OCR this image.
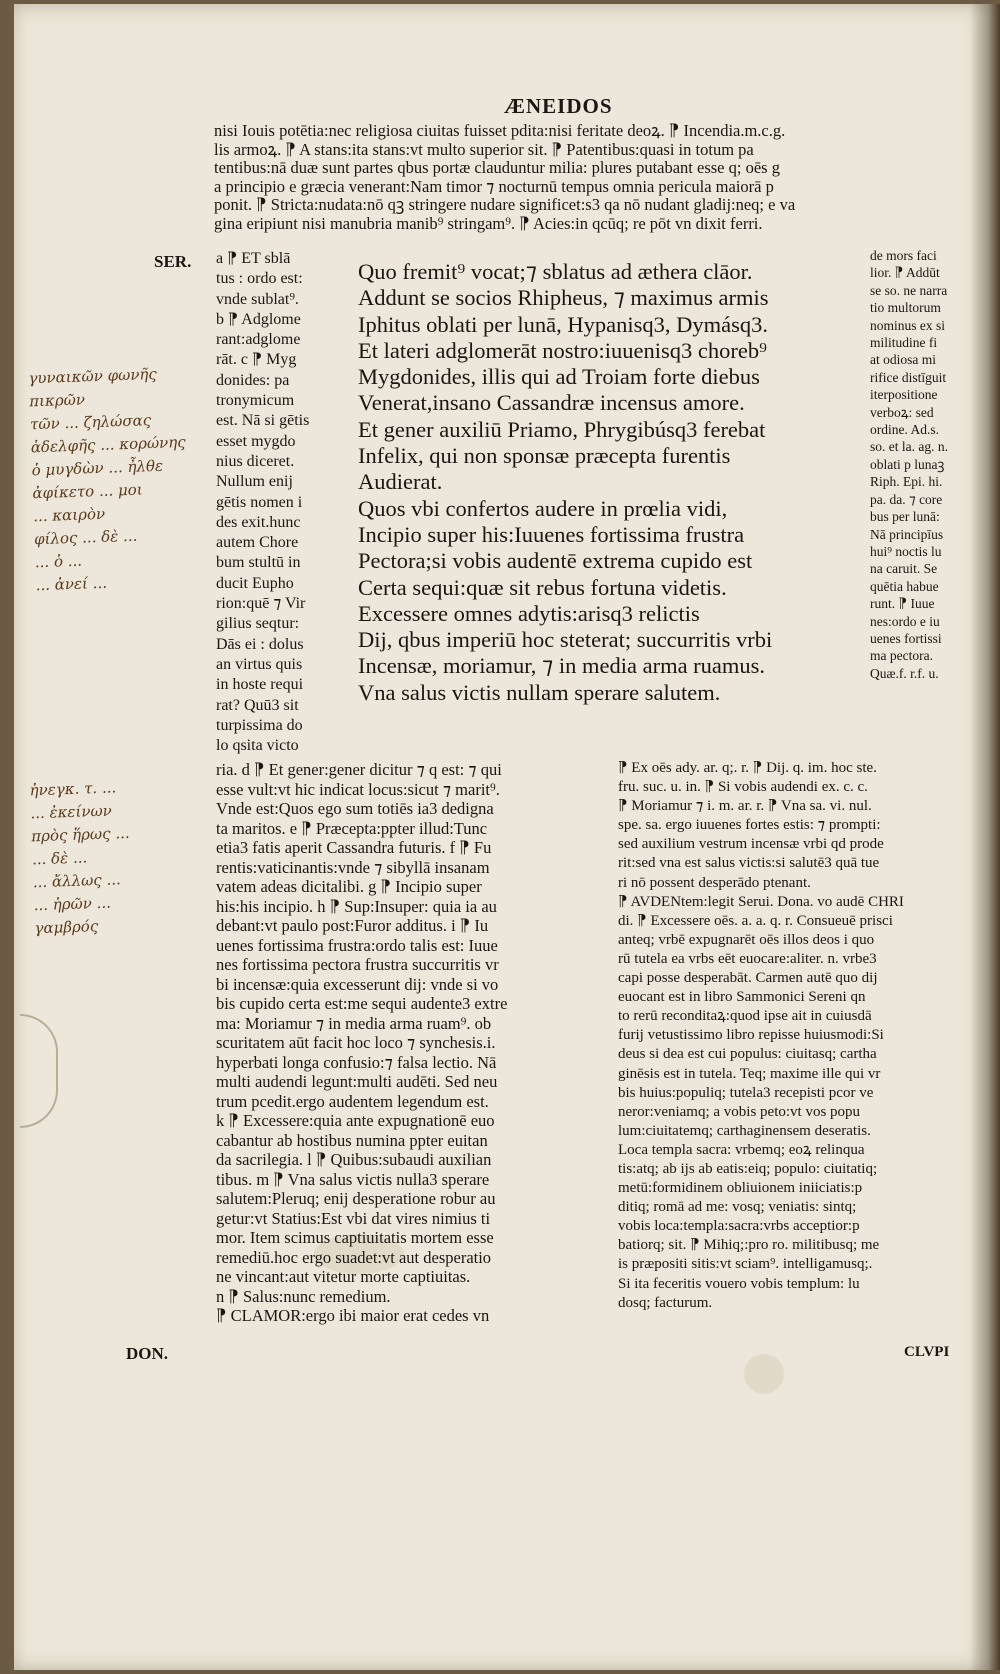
ÆNEIDOS
nisi Iouis potētia:nec religiosa ciuitas fuisset pdita:nisi feritate deoꝝ. ⁋ Incendia.m.c.g.
lis armoꝝ. ⁋ A stans:ita stans:vt multo superior sit. ⁋ Patentibus:quasi in totum pa
tentibus:nā duæ sunt partes qbus portæ clauduntur milia: plures putabant esse q; oēs g
a principio e græcia venerant:Nam timor ⁊ nocturnū tempus omnia pericula maiorā p
ponit. ⁋ Stricta:nudata:nō qꝫ stringere nudare significet:s3 qa nō nudant gladij:neq; e va
gina eripiunt nisi manubria manib⁹ stringam⁹. ⁋ Acies:in qcūq; re pōt vn dixit ferri.
SER.
DON.
a ⁋ ET sblā
tus : ordo est:
vnde sublat⁹.
b ⁋ Adglome
rant:adglome
rāt. c ⁋ Myg
donides: pa
tronymicum
est. Nā si gētis
esset mygdo
nius diceret.
Nullum enij
gētis nomen i
des exit.hunc
autem Chore
bum stultū in
ducit Eupho
rion:quē ⁊ Vir
gilius seqtur:
Dās ei : dolus
an virtus quis
in hoste requi
rat? Quū3 sit
turpissima do
lo qsita victo
Quo fremit⁹ vocat;⁊ sblatus ad æthera clāor.
Addunt se socios Rhipheus, ⁊ maximus armis
Iphitus oblati per lunā, Hypanisq3, Dymásq3.
Et lateri adglomerāt nostro:iuuenisq3 choreb⁹
Mygdonides, illis qui ad Troiam forte diebus
Venerat,insano Cassandræ incensus amore.
Et gener auxiliū Priamo, Phrygibúsq3 ferebat
Infelix, qui non sponsæ præcepta furentis
Audierat.
Quos vbi confertos audere in prœlia vidi,
Incipio super his:Iuuenes fortissima frustra
Pectora;si vobis audentē extrema cupido est
Certa sequi:quæ sit rebus fortuna videtis.
Excessere omnes adytis:arisq3 relictis
Dij, qbus imperiū hoc steterat; succurritis vrbi
Incensæ, moriamur, ⁊ in media arma ruamus.
Vna salus victis nullam sperare salutem.
de mors faci
lior. ⁋ Addūt
se so. ne narra
tio multorum
nominus ex si
militudine fi
at odiosa mi
rifice distīguit
iterpositione
verboꝝ: sed
ordine. Ad.s.
so. et la. ag. n.
oblati p lunaꝫ
Riph. Epi. hi.
pa. da. ⁊ core
bus per lunā:
Nā principīus
hui⁹ noctis lu
na caruit. Se
quētia habue
runt. ⁋ Iuue
nes:ordo e iu
uenes fortissi
ma pectora.
Quæ.f. r.f. u.
ria. d ⁋ Et gener:gener dicitur ⁊ q est: ⁊ qui
esse vult:vt hic indicat locus:sicut ⁊ marit⁹.
Vnde est:Quos ego sum totiēs ia3 dedigna
ta maritos. e ⁋ Præcepta:ppter illud:Tunc
etia3 fatis aperit Cassandra futuris. f ⁋ Fu
rentis:vaticinantis:vnde ⁊ sibyllā insanam
vatem adeas dicitalibi. g ⁋ Incipio super
his:his incipio. h ⁋ Sup:Insuper: quia ia au
debant:vt paulo post:Furor additus. i ⁋ Iu
uenes fortissima frustra:ordo talis est: Iuue
nes fortissima pectora frustra succurritis vr
bi incensæ:quia excesserunt dij: vnde si vo
bis cupido certa est:me sequi audente3 extre
ma: Moriamur ⁊ in media arma ruam⁹. ob
scuritatem aūt facit hoc loco ⁊ synchesis.i.
hyperbati longa confusio:⁊ falsa lectio. Nā
multi audendi legunt:multi audēti. Sed neu
trum pcedit.ergo audentem legendum est.
k ⁋ Excessere:quia ante expugnationē euo
cabantur ab hostibus numina ppter euitan
da sacrilegia. l ⁋ Quibus:subaudi auxilian
tibus. m ⁋ Vna salus victis nulla3 sperare
salutem:Pleruq; enij desperatione robur au
getur:vt Statius:Est vbi dat vires nimius ti
mor. Item scimus captiuitatis mortem esse
remediū.hoc ergo suadet:vt aut desperatio
ne vincant:aut vitetur morte captiuitas.
n ⁋ Salus:nunc remedium.
⁋ CLAMOR:ergo ibi maior erat cedes vn
⁋ Ex oēs ady. ar. q;. r. ⁋ Dij. q. im. hoc ste.
fru. suc. u. in. ⁋ Si vobis audendi ex. c. c.
⁋ Moriamur ⁊ i. m. ar. r. ⁋ Vna sa. vi. nul.
spe. sa. ergo iuuenes fortes estis: ⁊ prompti:
sed auxilium vestrum incensæ vrbi qd prode
rit:sed vna est salus victis:si salutē3 quā tue
ri nō possent desperādo ptenant.
⁋ AVDENtem:legit Serui. Dona. vo audē CHRI
di. ⁋ Excessere oēs. a. a. q. r. Consueuē prisci
anteq; vrbē expugnarēt oēs illos deos i quo
rū tutela ea vrbs eēt euocare:aliter. n. vrbe3
capi posse desperabāt. Carmen autē quo dij
euocant est in libro Sammonici Sereni qn
to rerū reconditaꝝ:quod ipse ait in cuiusdā
furij vetustissimo libro repisse huiusmodi:Si
deus si dea est cui populus: ciuitasq; cartha
ginēsis est in tutela. Teq; maxime ille qui vr
bis huius:populiq; tutela3 recepisti pcor ve
neror:veniamq; a vobis peto:vt vos popu
lum:ciuitatemq; carthaginensem deseratis.
Loca templa sacra: vrbemq; eoꝝ relinqua
tis:atq; ab ijs ab eatis:eiq; populo: ciuitatiq;
metū:formidinem obliuionem iniiciatis:p
ditiq; romā ad me: vosq; veniatis: sintq;
vobis loca:templa:sacra:vrbs acceptior:p
batiorq; sit. ⁋ Mihiq;:pro ro. militibusq; me
is præpositi sitis:vt sciam⁹. intelligamusq;.
Si ita feceritis vouero vobis templum: lu
dosq; facturum.
CLVPI
γυναικῶν φωνῆς
πικρῶν
τῶν ... ζηλώσας
ἀδελφῆς ... κορώνης
ὁ μυγδὼν ... ἦλθε
ἀφίκετο ... μοι
... καιρὸν
φίλος ... δὲ ...
... ὁ ...
... ἀνεί ...
ἠνεγκ. τ. ...
... ἐκείνων
πρὸς ἥρως ...
... δὲ ...
... ἄλλως ...
... ἠρῶν ...
γαμβρός
